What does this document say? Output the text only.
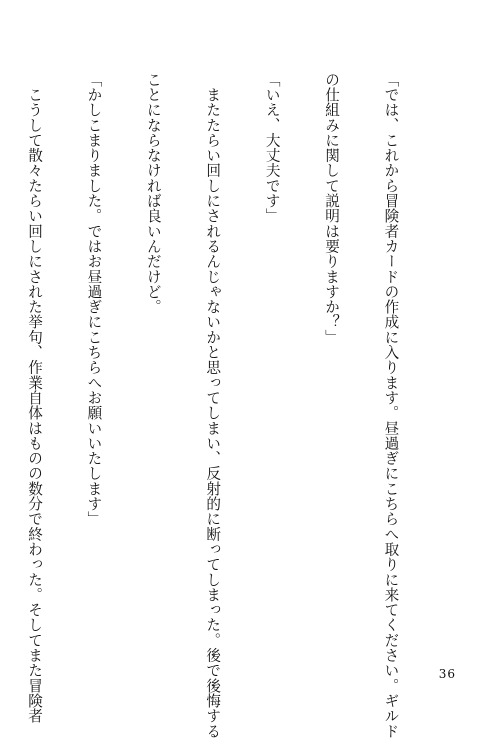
「では、これから冒険者カードの作成に入ります。昼過ぎにこちらへ取りに来てください。ギルド

の仕組みに関して説明は要りますか？」

「いえ、大丈夫です」

　またたらい回しにされるんじゃないかと思ってしまい、反射的に断ってしまった。後で後悔する

ことにならなければ良いんだけど。

「かしこまりました。ではお昼過ぎにこちらへお願いいたします」

　こうして散々たらい回しにされた挙句、作業自体はものの数分で終わった。そしてまた冒険者

	36
